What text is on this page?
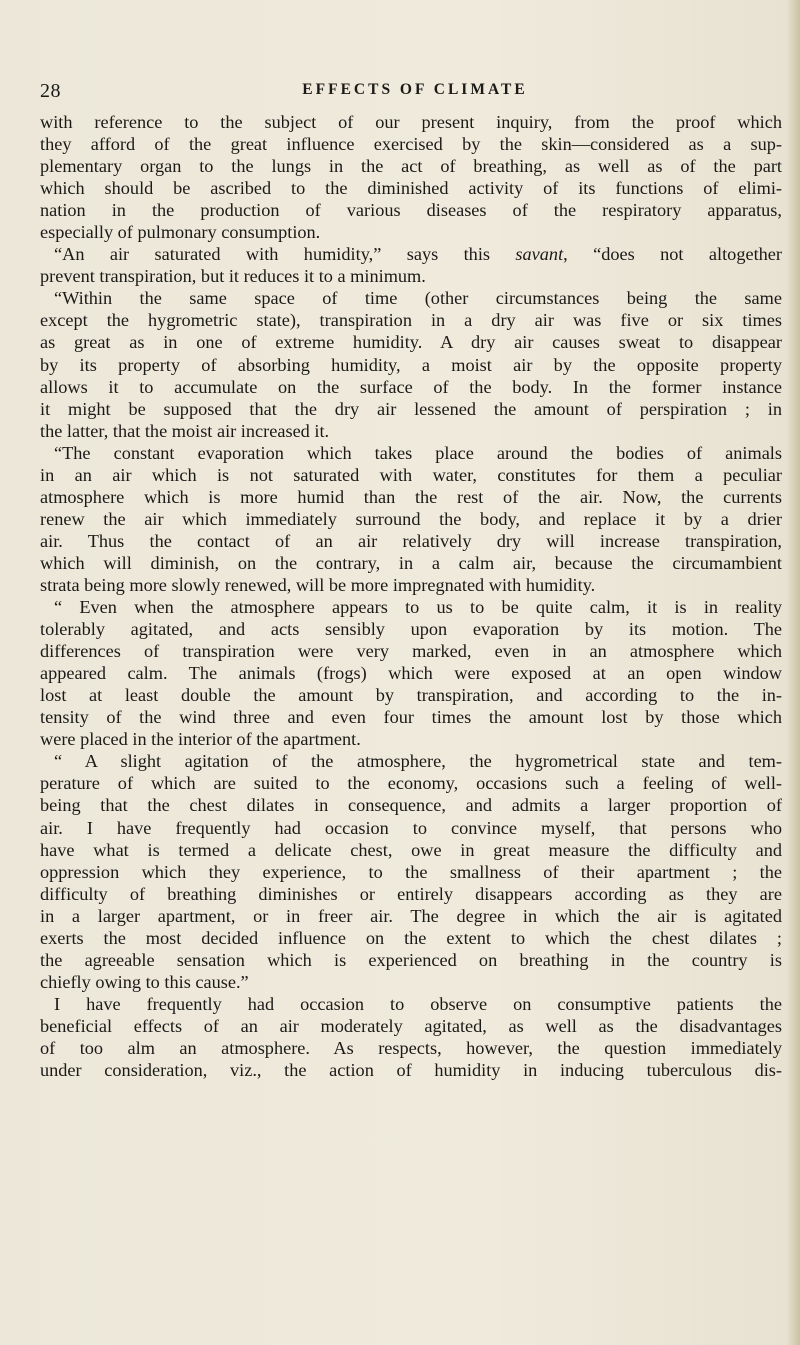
28	EFFECTS OF CLIMATE
with reference to the subject of our present inquiry, from the proof which
they afford of the great influence exercised by the skin—considered as a sup-
plementary organ to the lungs in the act of breathing, as well as of the part
which should be ascribed to the diminished activity of its functions of elimi-
nation in the production of various diseases of the respiratory apparatus,
especially of pulmonary consumption.
“An air saturated with humidity,” says this savant, “does not altogether
prevent transpiration, but it reduces it to a minimum.
“Within the same space of time (other circumstances being the same
except the hygrometric state), transpiration in a dry air was five or six times
as great as in one of extreme humidity. A dry air causes sweat to disappear
by its property of absorbing humidity, a moist air by the opposite property
allows it to accumulate on the surface of the body. In the former instance
it might be supposed that the dry air lessened the amount of perspiration ; in
the latter, that the moist air increased it.
“The constant evaporation which takes place around the bodies of animals
in an air which is not saturated with water, constitutes for them a peculiar
atmosphere which is more humid than the rest of the air. Now, the currents
renew the air which immediately surround the body, and replace it by a drier
air. Thus the contact of an air relatively dry will increase transpiration,
which will diminish, on the contrary, in a calm air, because the circumambient
strata being more slowly renewed, will be more impregnated with humidity.
“ Even when the atmosphere appears to us to be quite calm, it is in reality
tolerably agitated, and acts sensibly upon evaporation by its motion. The
differences of transpiration were very marked, even in an atmosphere which
appeared calm. The animals (frogs) which were exposed at an open window
lost at least double the amount by transpiration, and according to the in-
tensity of the wind three and even four times the amount lost by those which
were placed in the interior of the apartment.
“ A slight agitation of the atmosphere, the hygrometrical state and tem-
perature of which are suited to the economy, occasions such a feeling of well-
being that the chest dilates in consequence, and admits a larger proportion of
air. I have frequently had occasion to convince myself, that persons who
have what is termed a delicate chest, owe in great measure the difficulty and
oppression which they experience, to the smallness of their apartment ; the
difficulty of breathing diminishes or entirely disappears according as they are
in a larger apartment, or in freer air. The degree in which the air is agitated
exerts the most decided influence on the extent to which the chest dilates ;
the agreeable sensation which is experienced on breathing in the country is
chiefly owing to this cause.”
I have frequently had occasion to observe on consumptive patients the
beneficial effects of an air moderately agitated, as well as the disadvantages
of too alm an atmosphere. As respects, however, the question immediately
under consideration, viz., the action of humidity in inducing tuberculous dis-
